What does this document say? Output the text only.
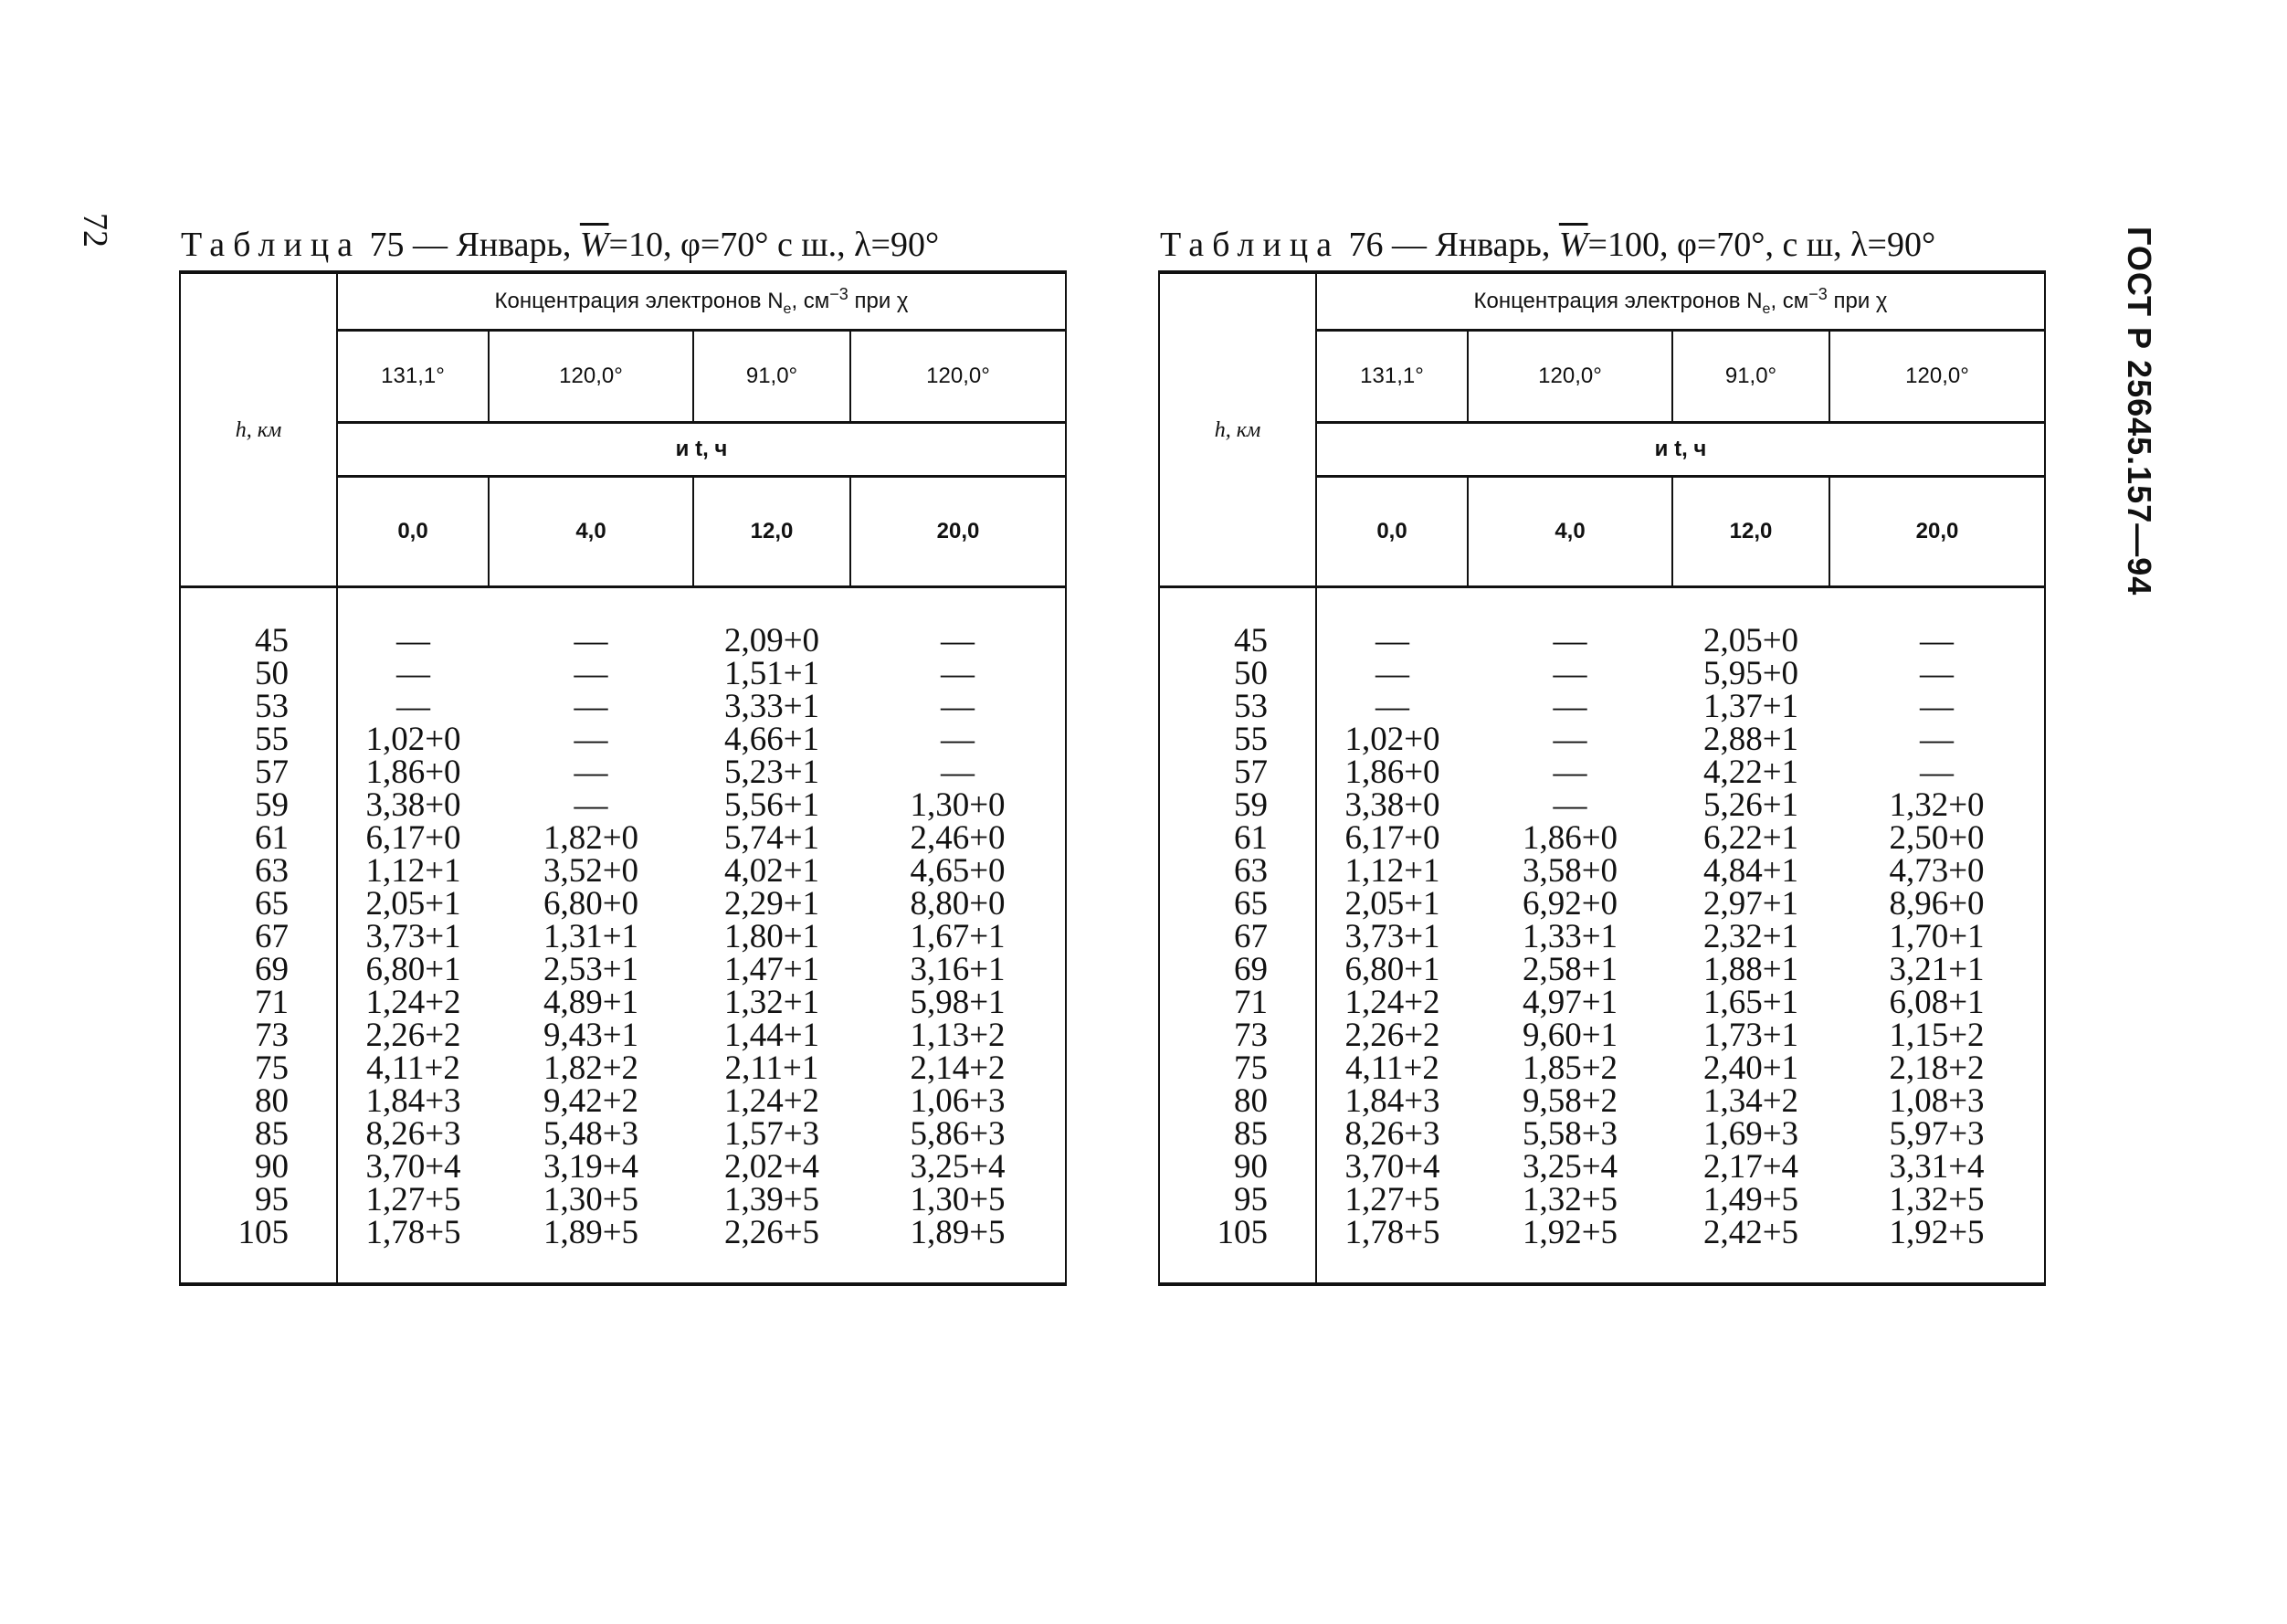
72	ГОСТ Р 25645.157—94
Таблица 75 — Январь, $\overline{W}=10$, φ=70° с ш., λ=90°
h, км	Концентрация электронов $N_e$, $см^{-3}$ при χ			
	131,1°	120,0°	91,0°	120,0°
	и t, ч			
	0,0	4,0	12,0	20,0

45	—	—	2,09+0	—
50	—	—	1,51+1	—
53	—	—	3,33+1	—
55	1,02+0	—	4,66+1	—
57	1,86+0	—	5,23+1	—
59	3,38+0	—	5,56+1	1,30+0
61	6,17+0	1,82+0	5,74+1	2,46+0
63	1,12+1	3,52+0	4,02+1	4,65+0
65	2,05+1	6,80+0	2,29+1	8,80+0
67	3,73+1	1,31+1	1,80+1	1,67+1
69	6,80+1	2,53+1	1,47+1	3,16+1
71	1,24+2	4,89+1	1,32+1	5,98+1
73	2,26+2	9,43+1	1,44+1	1,13+2
75	4,11+2	1,82+2	2,11+1	2,14+2
80	1,84+3	9,42+2	1,24+2	1,06+3
85	8,26+3	5,48+3	1,57+3	5,86+3
90	3,70+4	3,19+4	2,02+4	3,25+4
95	1,27+5	1,30+5	1,39+5	1,30+5
105	1,78+5	1,89+5	2,26+5	1,89+5

Таблица 76 — Январь, $\overline{W}=100$, φ=70°, с ш, λ=90°
h, км	Концентрация электронов $N_e$, $см^{-3}$ при χ			
	131,1°	120,0°	91,0°	120,0°
	и t, ч			
	0,0	4,0	12,0	20,0

45	—	—	2,05+0	—
50	—	—	5,95+0	—
53	—	—	1,37+1	—
55	1,02+0	—	2,88+1	—
57	1,86+0	—	4,22+1	—
59	3,38+0	—	5,26+1	1,32+0
61	6,17+0	1,86+0	6,22+1	2,50+0
63	1,12+1	3,58+0	4,84+1	4,73+0
65	2,05+1	6,92+0	2,97+1	8,96+0
67	3,73+1	1,33+1	2,32+1	1,70+1
69	6,80+1	2,58+1	1,88+1	3,21+1
71	1,24+2	4,97+1	1,65+1	6,08+1
73	2,26+2	9,60+1	1,73+1	1,15+2
75	4,11+2	1,85+2	2,40+1	2,18+2
80	1,84+3	9,58+2	1,34+2	1,08+3
85	8,26+3	5,58+3	1,69+3	5,97+3
90	3,70+4	3,25+4	2,17+4	3,31+4
95	1,27+5	1,32+5	1,49+5	1,32+5
105	1,78+5	1,92+5	2,42+5	1,92+5
